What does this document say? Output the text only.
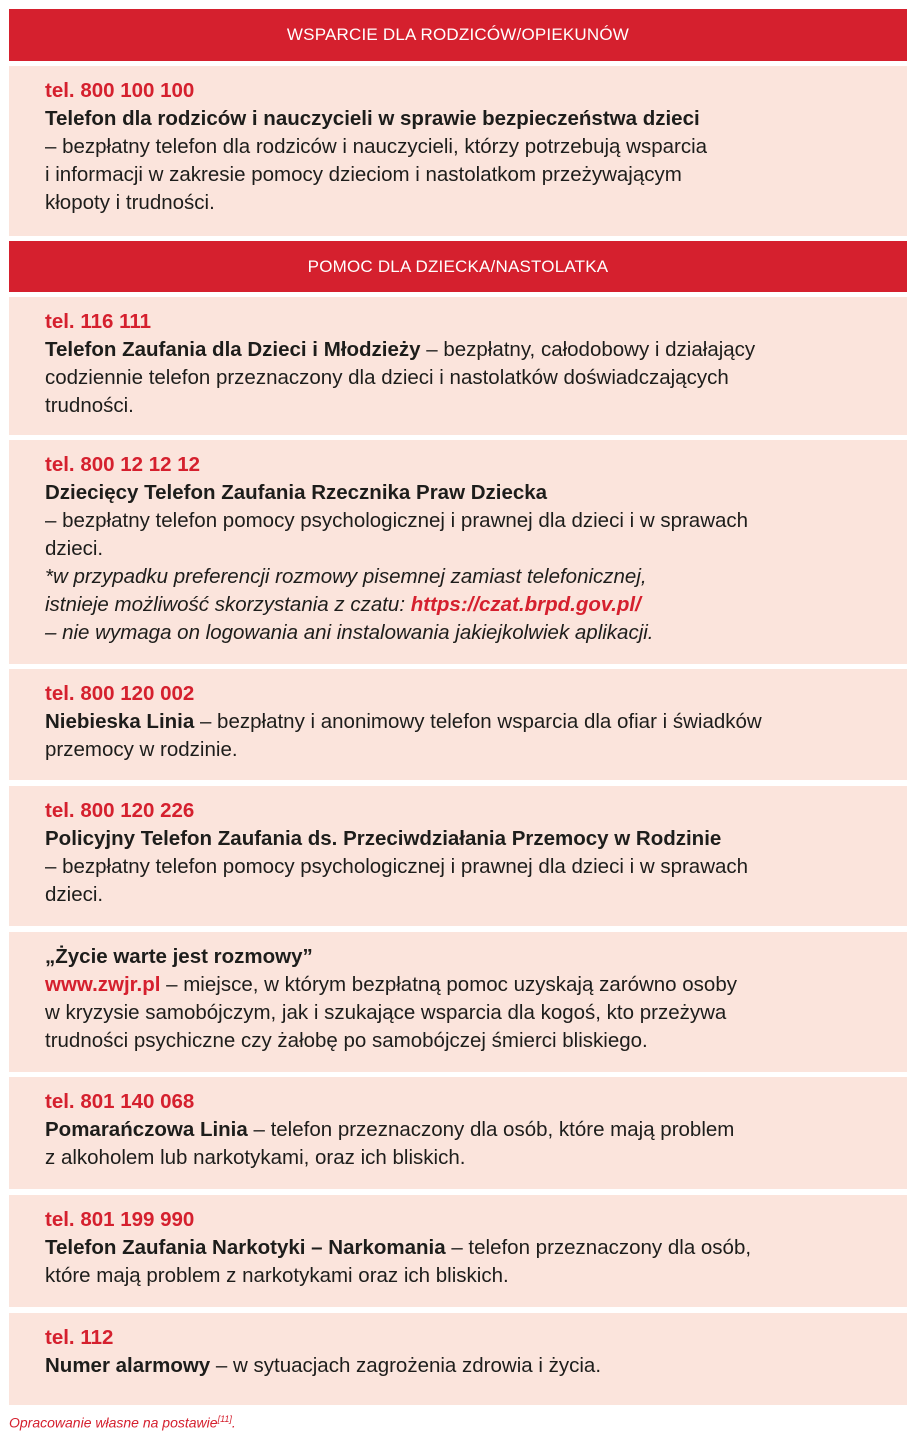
WSPARCIE DLA RODZICÓW/OPIEKUNÓW
tel. 800 100 100
Telefon dla rodziców i nauczycieli w sprawie bezpieczeństwa dzieci
– bezpłatny telefon dla rodziców i nauczycieli, którzy potrzebują wsparcia
i informacji w zakresie pomocy dzieciom i nastolatkom przeżywającym
kłopoty i trudności.
POMOC DLA DZIECKA/NASTOLATKA
tel. 116 111
Telefon Zaufania dla Dzieci i Młodzieży – bezpłatny, całodobowy i działający
codziennie telefon przeznaczony dla dzieci i nastolatków doświadczających
trudności.
tel. 800 12 12 12
Dziecięcy Telefon Zaufania Rzecznika Praw Dziecka
– bezpłatny telefon pomocy psychologicznej i prawnej dla dzieci i w sprawach
dzieci.
*w przypadku preferencji rozmowy pisemnej zamiast telefonicznej,
istnieje możliwość skorzystania z czatu: https://czat.brpd.gov.pl/
– nie wymaga on logowania ani instalowania jakiejkolwiek aplikacji.
tel. 800 120 002
Niebieska Linia – bezpłatny i anonimowy telefon wsparcia dla ofiar i świadków
przemocy w rodzinie.
tel. 800 120 226
Policyjny Telefon Zaufania ds. Przeciwdziałania Przemocy w Rodzinie
– bezpłatny telefon pomocy psychologicznej i prawnej dla dzieci i w sprawach
dzieci.
„Życie warte jest rozmowy”
www.zwjr.pl – miejsce, w którym bezpłatną pomoc uzyskają zarówno osoby
w kryzysie samobójczym, jak i szukające wsparcia dla kogoś, kto przeżywa
trudności psychiczne czy żałobę po samobójczej śmierci bliskiego.
tel. 801 140 068
Pomarańczowa Linia – telefon przeznaczony dla osób, które mają problem
z alkoholem lub narkotykami, oraz ich bliskich.
tel. 801 199 990
Telefon Zaufania Narkotyki – Narkomania – telefon przeznaczony dla osób,
które mają problem z narkotykami oraz ich bliskich.
tel. 112
Numer alarmowy – w sytuacjach zagrożenia zdrowia i życia.
Opracowanie własne na postawie[11].
